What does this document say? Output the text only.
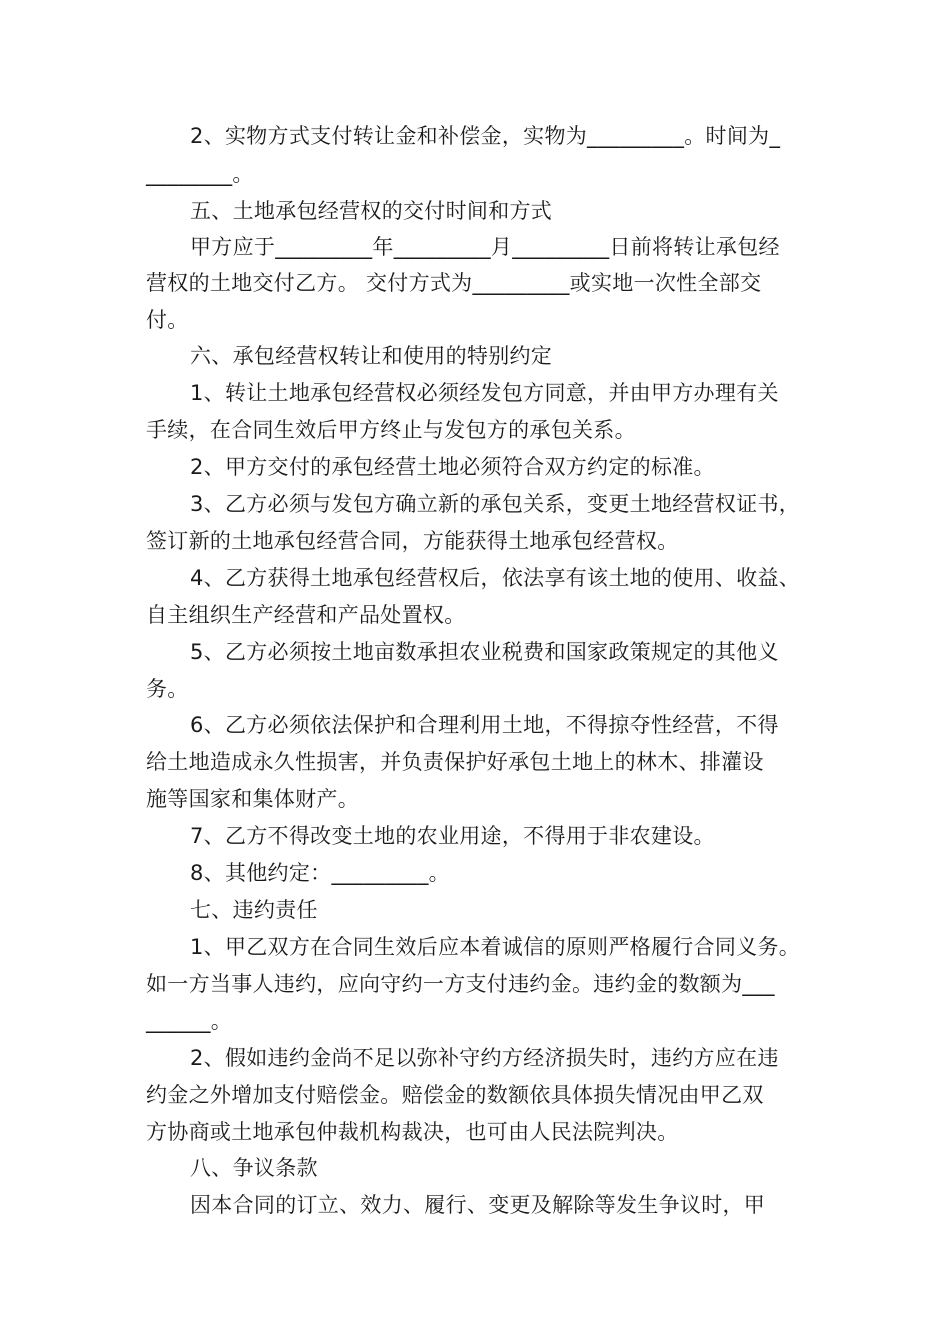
2、实物方式支付转让金和补偿金，实物为_________。时间为_
________。
五、土地承包经营权的交付时间和方式
甲方应于_________年_________月_________日前将转让承包经
营权的土地交付乙方。 交付方式为_________或实地一次性全部交
付。
六、承包经营权转让和使用的特别约定
1、转让土地承包经营权必须经发包方同意，并由甲方办理有关
手续，在合同生效后甲方终止与发包方的承包关系。
2、甲方交付的承包经营土地必须符合双方约定的标准。
3、乙方必须与发包方确立新的承包关系，变更土地经营权证书，
签订新的土地承包经营合同，方能获得土地承包经营权。
4、乙方获得土地承包经营权后，依法享有该土地的使用、收益、
自主组织生产经营和产品处置权。
5、乙方必须按土地亩数承担农业税费和国家政策规定的其他义
务。
6、乙方必须依法保护和合理利用土地，不得掠夺性经营，不得
给土地造成永久性损害，并负责保护好承包土地上的林木、排灌设
施等国家和集体财产。
7、乙方不得改变土地的农业用途，不得用于非农建设。
8、其他约定：_________。
七、违约责任
1、甲乙双方在合同生效后应本着诚信的原则严格履行合同义务。
如一方当事人违约，应向守约一方支付违约金。违约金的数额为___
______。
2、假如违约金尚不足以弥补守约方经济损失时，违约方应在违
约金之外增加支付赔偿金。赔偿金的数额依具体损失情况由甲乙双
方协商或土地承包仲裁机构裁决，也可由人民法院判决。
八、争议条款
因本合同的订立、效力、履行、变更及解除等发生争议时，甲
